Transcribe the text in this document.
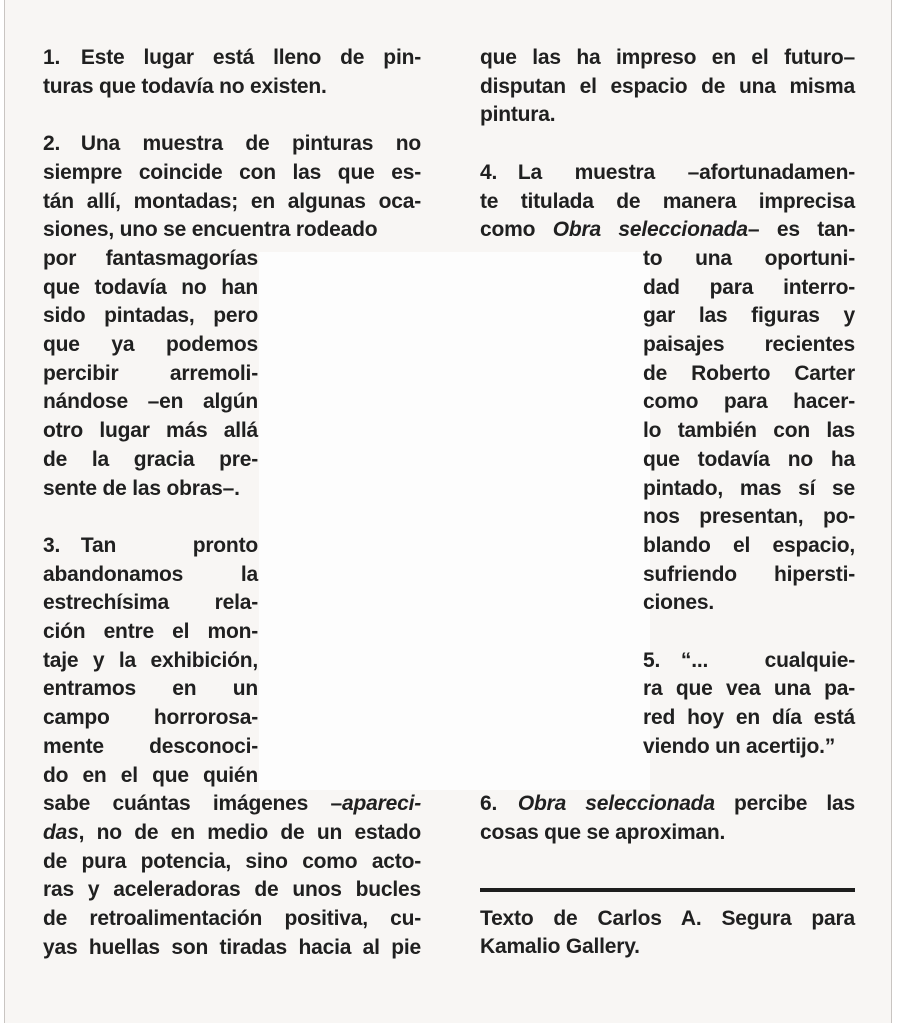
1. Este lugar está lleno de pin-
turas que todavía no existen.
2. Una muestra de pinturas no
siempre coincide con las que es-
tán allí, montadas; en algunas oca-
siones, uno se encuentra rodeado
por fantasmagorías
que todavía no han
sido pintadas, pero
que ya podemos
percibir arremoli-
nándose –en algún
otro lugar más allá
de la gracia pre-
sente de las obras–.
3. Tan pronto
abandonamos la
estrechísima rela-
ción entre el mon-
taje y la exhibición,
entramos en un
campo horrorosa-
mente desconoci-
do en el que quién
sabe cuántas imágenes –apareci-
das, no de en medio de un estado
de pura potencia, sino como acto-
ras y aceleradoras de unos bucles
de retroalimentación positiva, cu-
yas huellas son tiradas hacia al pie
que las ha impreso en el futuro–
disputan el espacio de una misma
pintura.
4. La muestra –afortunadamen-
te titulada de manera imprecisa
como Obra seleccionada– es tan-
to una oportuni-
dad para interro-
gar las figuras y
paisajes recientes
de Roberto Carter
como para hacer-
lo también con las
que todavía no ha
pintado, mas sí se
nos presentan, po-
blando el espacio,
sufriendo hipersti-
ciones.
5. “... cualquie-
ra que vea una pa-
red hoy en día está
viendo un acertijo.”
6. Obra seleccionada percibe las
cosas que se aproximan.
Texto de Carlos A. Segura para
Kamalio Gallery.
